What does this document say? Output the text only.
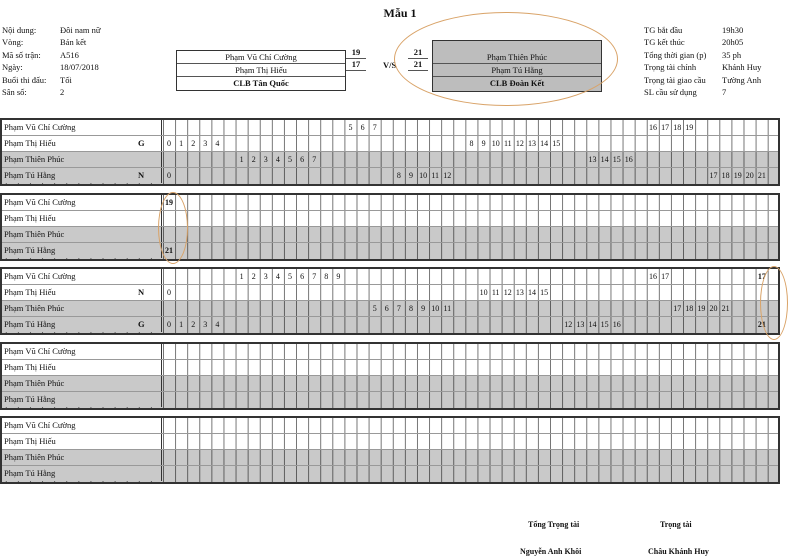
Mẫu 1
Nội dung:	Đôi nam nữ
Vòng:	Bán kết
Mã số trận:	A516
Ngày:	18/07/2018
Buổi thi đấu:	Tối
Sân số:	2
TG bắt đầu	19h30
TG kết thúc	20h05
Tổng thời gian (p)	35 ph
Trọng tài chính	Khánh Huy
Trọng tài giao cầu	Tường Anh
SL cầu sử dụng	7
Phạm Vũ Chí Cường
Phạm Thị Hiếu
CLB Tân Quốc
19
17	V/S
21
21
Phạm Thiên Phúc
Phạm Tú Hằng
CLB Đoàn Kết
Phạm Vũ Chí Cường	5	6	7	16 17 18 19
Phạm Thị Hiếu	G	0	1	2	3	4	8	9 10 11 12 13 14 15
Phạm Thiên Phúc	1	2	3	4	5	6	7	13 14 15 16
Phạm Tú Hằng	N	0	8	9 10 11 12	17 18 19 20 21
Phạm Vũ Chí Cường	19
Phạm Thị Hiếu
Phạm Thiên Phúc
Phạm Tú Hằng	21
Phạm Vũ Chí Cường	1	2	3	4	5	6	7	8	9	16 17	17
Phạm Thị Hiếu	N	0	10 11 12 13 14 15
Phạm Thiên Phúc	5	6	7	8	9 10 11	17 18 19 20 21
Phạm Tú Hằng	G	0	1	2	3	4	12 13 14 15 16	21
Phạm Vũ Chí Cường
Phạm Thị Hiếu
Phạm Thiên Phúc
Phạm Tú Hằng
Phạm Vũ Chí Cường
Phạm Thị Hiếu
Phạm Thiên Phúc
Phạm Tú Hằng
Tổng Trọng tài	Trọng tài
Nguyễn Anh Khôi	Châu Khánh Huy
